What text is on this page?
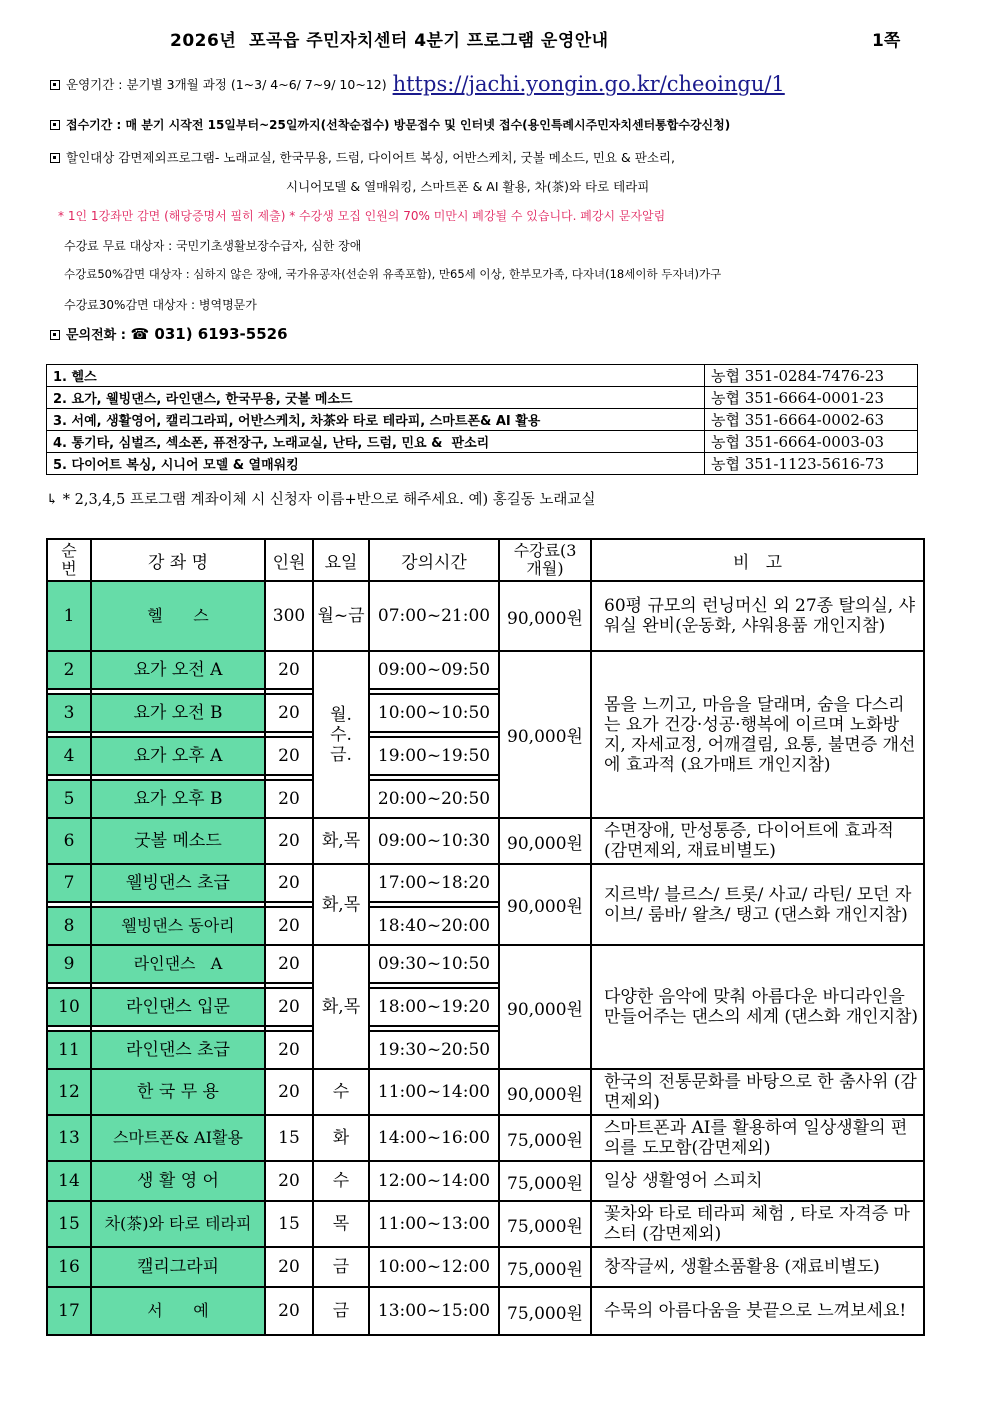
2026년  포곡읍 주민자치센터 4분기 프로그램 운영안내	1쪽
운영기간 : 분기별 3개월 과정 (1~3/ 4~6/ 7~9/ 10~12) https://jachi.yongin.go.kr/cheoingu/1
접수기간 : 매 분기 시작전 15일부터~25일까지(선착순접수) 방문접수 및 인터넷 접수(용인특례시주민자치센터통합수강신청)
할인대상 감면제외프로그램- 노래교실, 한국무용, 드럼, 다이어트 복싱, 어반스케치, 굿볼 메소드, 민요 & 판소리,
시니어모델 & 열매워킹, 스마트폰 & AI 활용, 차(茶)와 타로 테라피
* 1인 1강좌만 감면 (해당증명서 필히 제출) * 수강생 모집 인원의 70% 미만시 폐강될 수 있습니다. 폐강시 문자알림
수강료 무료 대상자 : 국민기초생활보장수급자, 심한 장애
수강료50%감면 대상자 : 심하지 않은 장애, 국가유공자(선순위 유족포함), 만65세 이상, 한부모가족, 다자녀(18세이하 두자녀)가구
수강료30%감면 대상자 : 병역명문가
문의전화 : ☎ 031) 6193-5526
1. 헬스	농협 351-0284-7476-23
2. 요가, 웰빙댄스, 라인댄스, 한국무용, 굿볼 메소드	농협 351-6664-0001-23
3. 서예, 생활영어, 캘리그라피, 어반스케치, 차茶와 타로 테라피, 스마트폰& AI 활용	농협 351-6664-0002-63
4. 통기타, 심벌즈, 섹소폰, 퓨전장구, 노래교실, 난타, 드럼, 민요 &  판소리	농협 351-6664-0003-03
5. 다이어트 복싱, 시니어 모델 & 열매워킹	농협 351-1123-5616-73
↳ * 2,3,4,5 프로그램 계좌이체 시 신청자 이름+반으로 해주세요. 예) 홍길동 노래교실
순번	강 좌 명	인원	요일	강의시간	수강료(3개월)	비   고
1	헬      스	300	월~금	07:00~21:00	90,000원	60평 규모의 런닝머신 외 27종 탈의실, 샤워실 완비(운동화, 샤워용품 개인지참)
2	요가 오전 A	20	월.수.금.	09:00~09:50	90,000원	몸을 느끼고, 마음을 달래며, 숨을 다스리는 요가 건강·성공·행복에 이르며 노화방지, 자세교정, 어깨결림, 요통, 불면증 개선에 효과적 (요가매트 개인지참)

3	요가 오전 B	20		10:00~10:50		

4	요가 오후 A	20		19:00~19:50		

5	요가 오후 B	20		20:00~20:50		
6	굿볼 메소드	20	화,목	09:00~10:30	90,000원	수면장애, 만성통증, 다이어트에 효과적 (감면제외, 재료비별도)
7	웰빙댄스 초급	20	화,목	17:00~18:20	90,000원	지르박/ 블르스/ 트롯/ 사교/ 라틴/ 모던 자이브/ 룸바/ 왈츠/ 탱고 (댄스화 개인지참)

8	웰빙댄스 동아리	20		18:40~20:00		
9	라인댄스   A	20	화,목	09:30~10:50	90,000원	다양한 음악에 맞춰 아름다운 바디라인을 만들어주는 댄스의 세계 (댄스화 개인지참)

10	라인댄스 입문	20		18:00~19:20		

11	라인댄스 초급	20		19:30~20:50		
12	한 국 무 용	20	수	11:00~14:00	90,000원	한국의 전통문화를 바탕으로 한 춤사위 (감면제외)
13	스마트폰& AI활용	15	화	14:00~16:00	75,000원	스마트폰과 AI를 활용하여 일상생활의 편의를 도모함(감면제외)
14	생 활 영 어	20	수	12:00~14:00	75,000원	일상 생활영어 스피치
15	차(茶)와 타로 테라피	15	목	11:00~13:00	75,000원	꽃차와 타로 테라피 체험 , 타로 자격증 마스터 (감면제외)
16	캘리그라피	20	금	10:00~12:00	75,000원	창작글씨, 생활소품활용 (재료비별도)
17	서      예	20	금	13:00~15:00	75,000원	수묵의 아름다움을 붓끝으로 느껴보세요!
